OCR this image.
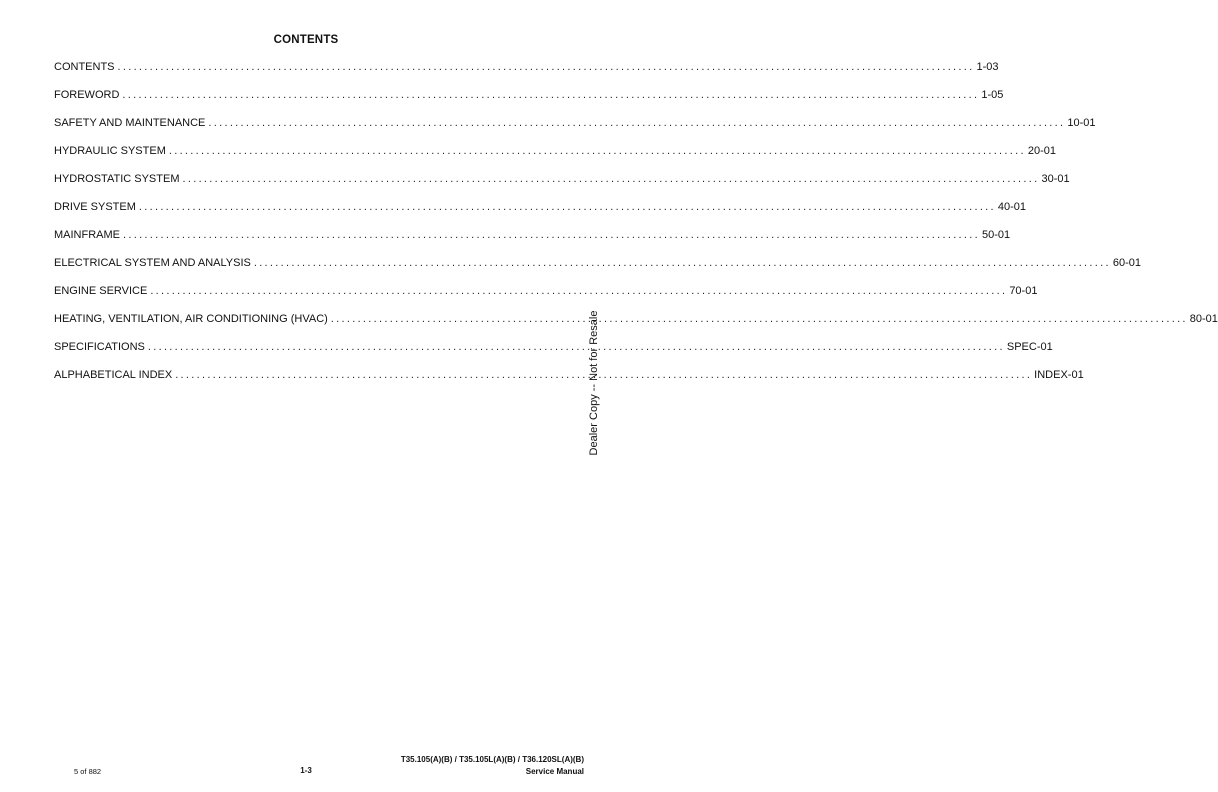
CONTENTS
CONTENTS ................................................................................................................................................................ 1-03
FOREWORD ................................................................................................................................................................ 1-05
SAFETY AND MAINTENANCE ................................................................................................................................................................ 10-01
HYDRAULIC SYSTEM ................................................................................................................................................................ 20-01
HYDROSTATIC SYSTEM ................................................................................................................................................................ 30-01
DRIVE SYSTEM ................................................................................................................................................................ 40-01
MAINFRAME ................................................................................................................................................................ 50-01
ELECTRICAL SYSTEM AND ANALYSIS ................................................................................................................................................................ 60-01
ENGINE SERVICE ................................................................................................................................................................ 70-01
HEATING, VENTILATION, AIR CONDITIONING (HVAC) ................................................................................................................................................................ 80-01
SPECIFICATIONS ................................................................................................................................................................ SPEC-01
ALPHABETICAL INDEX ................................................................................................................................................................ INDEX-01
Dealer Copy -- Not for Resale
5 of 882	1-3
T35.105(A)(B) / T35.105L(A)(B) / T36.120SL(A)(B)
Service Manual
